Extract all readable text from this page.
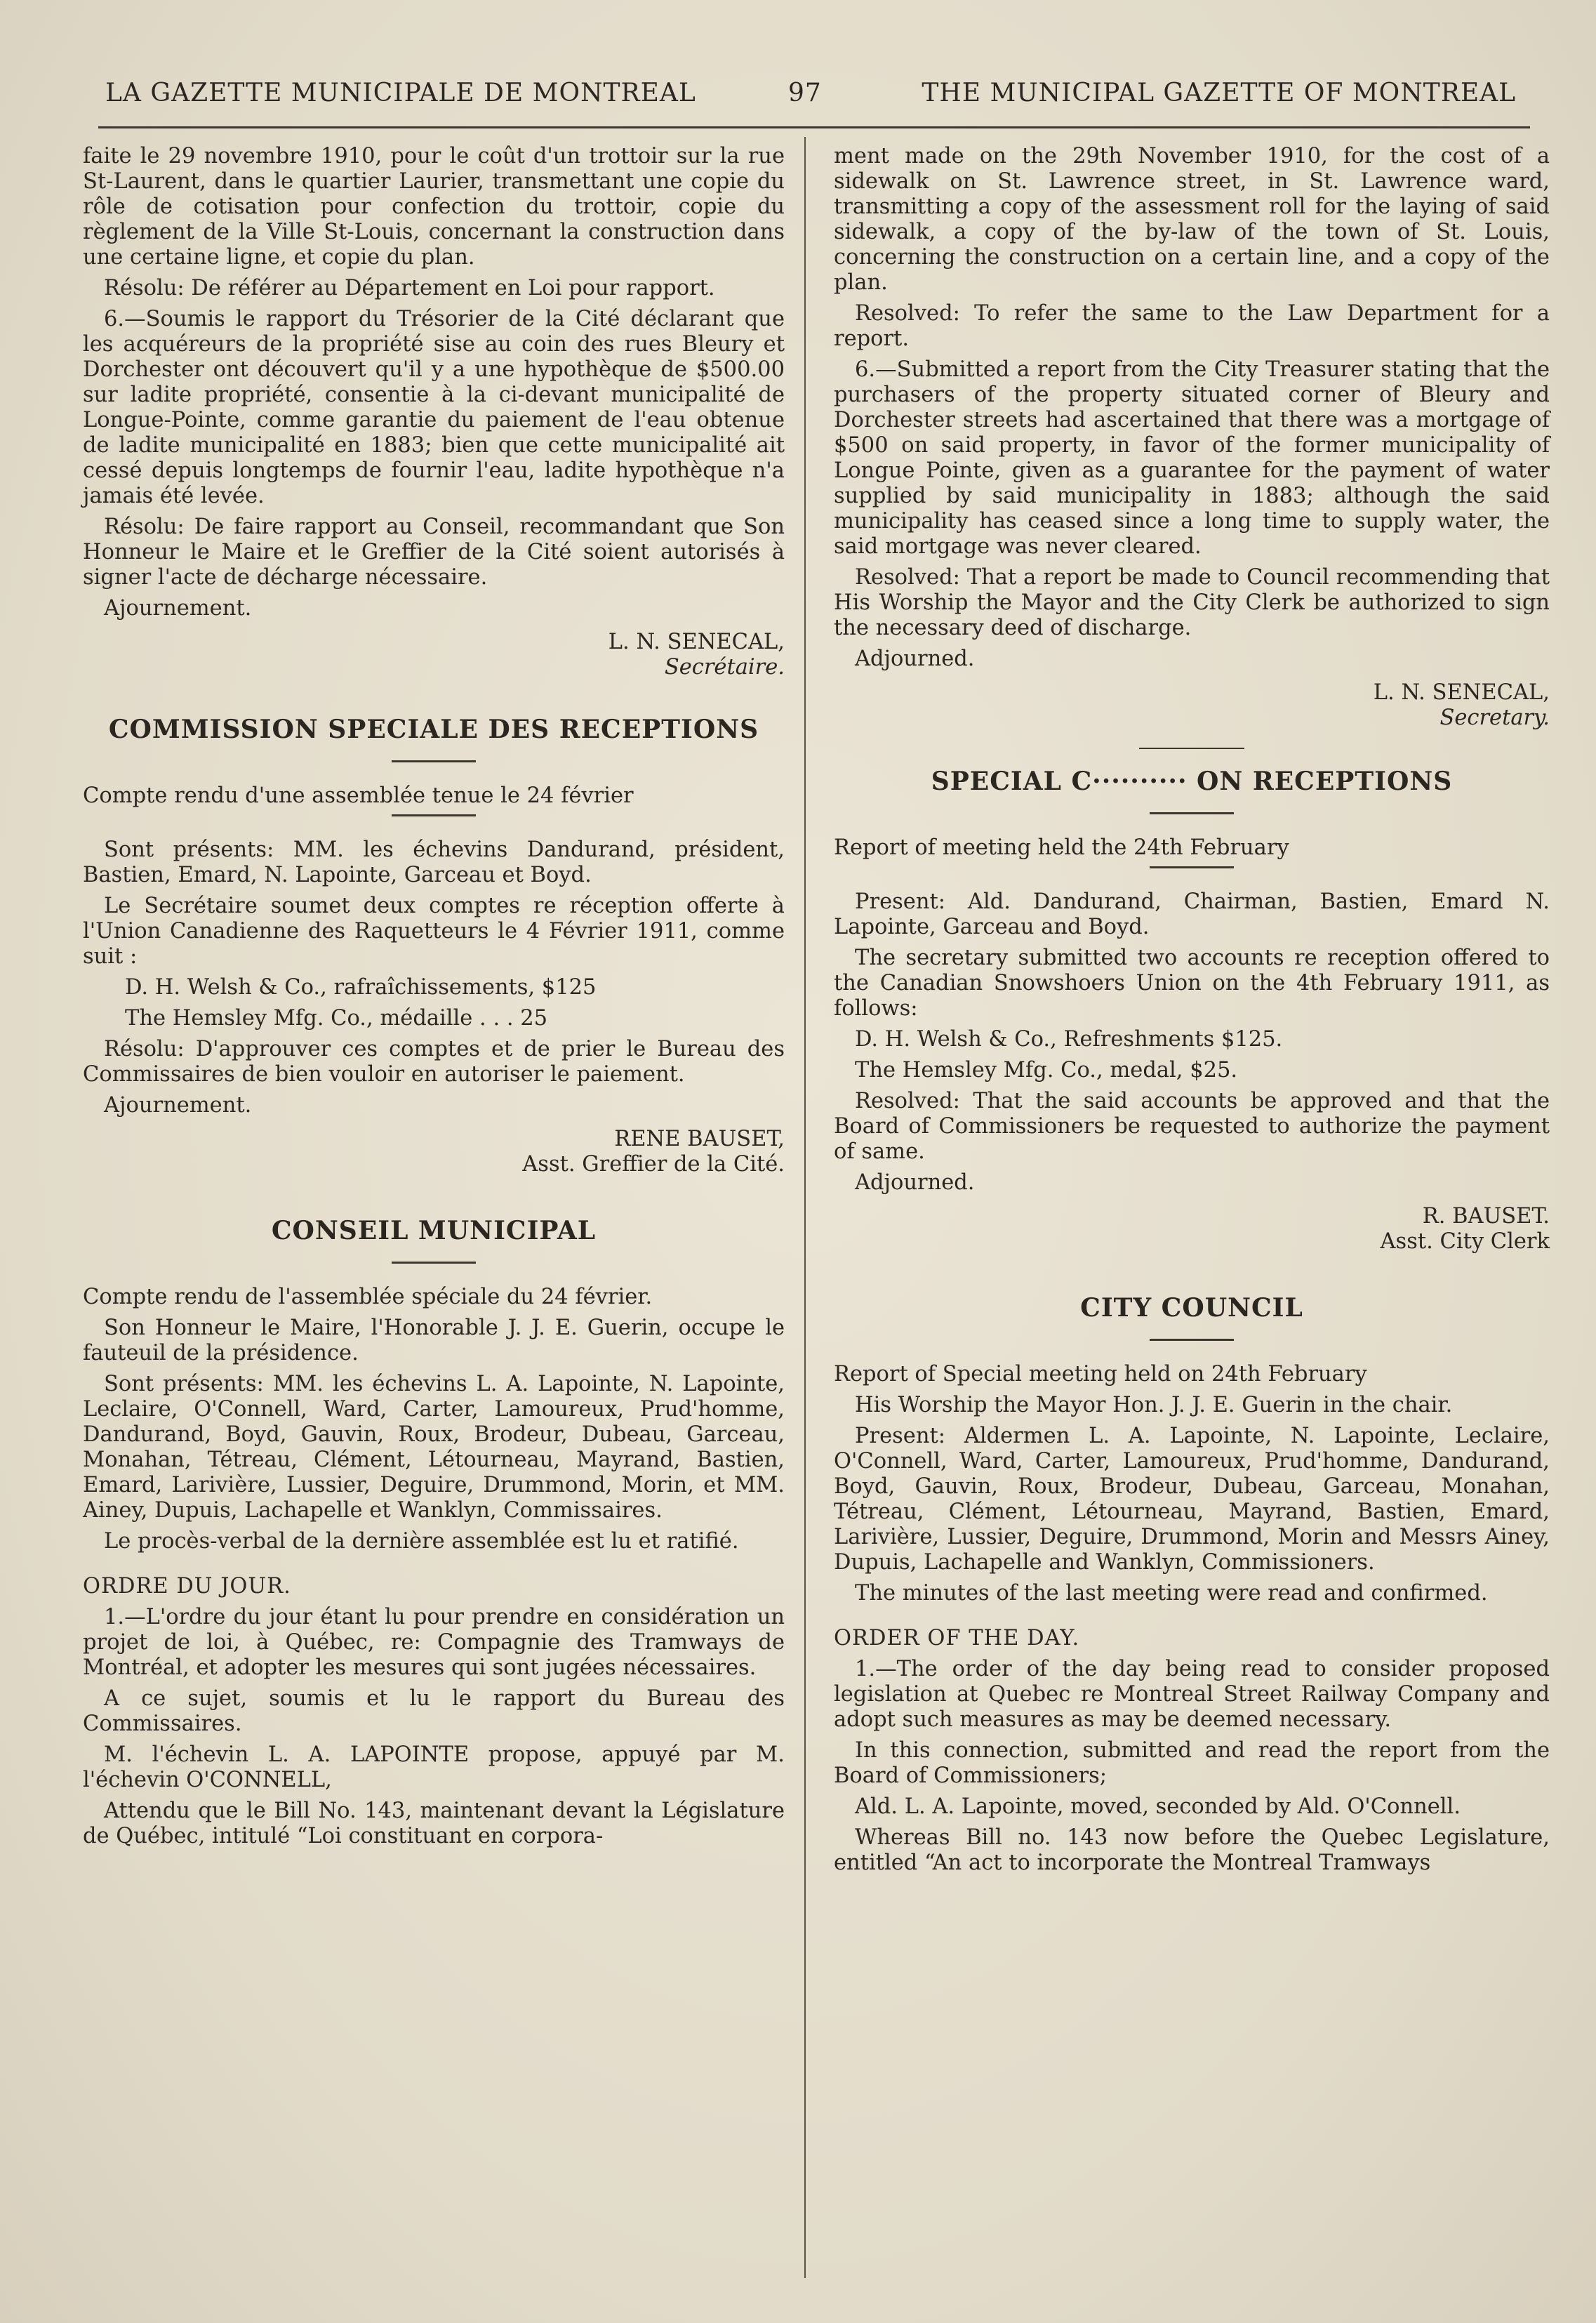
LA GAZETTE MUNICIPALE DE MONTREAL	97	THE MUNICIPAL GAZETTE OF MONTREAL

faite le 29 novembre 1910, pour le coût d'un trottoir sur la rue St-Laurent, dans le quartier Laurier, transmettant une copie du rôle de cotisation pour confection du trottoir, copie du règlement de la Ville St-Louis, concernant la construction dans une certaine ligne, et copie du plan.

Résolu: De référer au Département en Loi pour rapport.

6.—Soumis le rapport du Trésorier de la Cité déclarant que les acquéreurs de la propriété sise au coin des rues Bleury et Dorchester ont découvert qu'il y a une hypothèque de $500.00 sur ladite propriété, consentie à la ci-devant municipalité de Longue-Pointe, comme garantie du paiement de l'eau obtenue de ladite municipalité en 1883; bien que cette municipalité ait cessé depuis longtemps de fournir l'eau, ladite hypothèque n'a jamais été levée.

Résolu: De faire rapport au Conseil, recommandant que Son Honneur le Maire et le Greffier de la Cité soient autorisés à signer l'acte de décharge nécessaire.

Ajournement.

L. N. SENECAL,

Secrétaire.

COMMISSION SPECIALE DES RECEPTIONS

Compte rendu d'une assemblée tenue le 24 février

Sont présents: MM. les échevins Dandurand, président, Bastien, Emard, N. Lapointe, Garceau et Boyd.

Le Secrétaire soumet deux comptes re réception offerte à l'Union Canadienne des Raquetteurs le 4 Février 1911, comme suit :

D. H. Welsh & Co., rafraîchissements, $125

The Hemsley Mfg. Co., médaille . . . 25

Résolu: D'approuver ces comptes et de prier le Bureau des Commissaires de bien vouloir en autoriser le paiement.

Ajournement.

RENE BAUSET,

Asst. Greffier de la Cité.

CONSEIL MUNICIPAL

Compte rendu de l'assemblée spéciale du 24 février.

Son Honneur le Maire, l'Honorable J. J. E. Guerin, occupe le fauteuil de la présidence.

Sont présents: MM. les échevins L. A. Lapointe, N. Lapointe, Leclaire, O'Connell, Ward, Carter, Lamoureux, Prud'homme, Dandurand, Boyd, Gauvin, Roux, Brodeur, Dubeau, Garceau, Monahan, Tétreau, Clément, Létourneau, Mayrand, Bastien, Emard, Larivière, Lussier, Deguire, Drummond, Morin, et MM. Ainey, Dupuis, Lachapelle et Wanklyn, Commissaires.

Le procès-verbal de la dernière assemblée est lu et ratifié.

ORDRE DU JOUR.

1.—L'ordre du jour étant lu pour prendre en considération un projet de loi, à Québec, re: Compagnie des Tramways de Montréal, et adopter les mesures qui sont jugées nécessaires.

A ce sujet, soumis et lu le rapport du Bureau des Commissaires.

M. l'échevin L. A. LAPOINTE propose, appuyé par M. l'échevin O'CONNELL,

Attendu que le Bill No. 143, maintenant devant la Législature de Québec, intitulé “Loi constituant en corpora-

ment made on the 29th November 1910, for the cost of a sidewalk on St. Lawrence street, in St. Lawrence ward, transmitting a copy of the assessment roll for the laying of said sidewalk, a copy of the by-law of the town of St. Louis, concerning the construction on a certain line, and a copy of the plan.

Resolved: To refer the same to the Law Department for a report.

6.—Submitted a report from the City Treasurer stating that the purchasers of the property situated corner of Bleury and Dorchester streets had ascertained that there was a mortgage of $500 on said property, in favor of the former municipality of Longue Pointe, given as a guarantee for the payment of water supplied by said municipality in 1883; although the said municipality has ceased since a long time to supply water, the said mortgage was never cleared.

Resolved: That a report be made to Council recommending that His Worship the Mayor and the City Clerk be authorized to sign the necessary deed of discharge.

Adjourned.

L. N. SENECAL,

Secretary.

SPECIAL C·········· ON RECEPTIONS

Report of meeting held the 24th February

Present: Ald. Dandurand, Chairman, Bastien, Emard N. Lapointe, Garceau and Boyd.

The secretary submitted two accounts re reception offered to the Canadian Snowshoers Union on the 4th February 1911, as follows:

D. H. Welsh & Co., Refreshments $125.

The Hemsley Mfg. Co., medal, $25.

Resolved: That the said accounts be approved and that the Board of Commissioners be requested to authorize the payment of same.

Adjourned.

R. BAUSET.

Asst. City Clerk

CITY COUNCIL

Report of Special meeting held on 24th February

His Worship the Mayor Hon. J. J. E. Guerin in the chair.

Present: Aldermen L. A. Lapointe, N. Lapointe, Leclaire, O'Connell, Ward, Carter, Lamoureux, Prud'homme, Dandurand, Boyd, Gauvin, Roux, Brodeur, Dubeau, Garceau, Monahan, Tétreau, Clément, Létourneau, Mayrand, Bastien, Emard, Larivière, Lussier, Deguire, Drummond, Morin and Messrs Ainey, Dupuis, Lachapelle and Wanklyn, Commissioners.

The minutes of the last meeting were read and confirmed.

ORDER OF THE DAY.

1.—The order of the day being read to consider proposed legislation at Quebec re Montreal Street Railway Company and adopt such measures as may be deemed necessary.

In this connection, submitted and read the report from the Board of Commissioners;

Ald. L. A. Lapointe, moved, seconded by Ald. O'Connell.

Whereas Bill no. 143 now before the Quebec Legislature, entitled “An act to incorporate the Montreal Tramways
